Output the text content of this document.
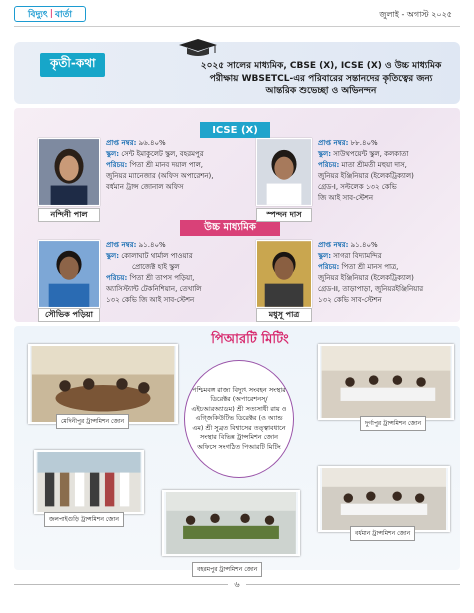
বিদ্যুৎ | বার্তা	জুলাই - অগাস্ট ২০২৫
কৃতী-কথা	২০২৫ সালের মাধ্যমিক, CBSE (X), ICSE (X) ও উচ্চ মাধ্যমিক
পরীক্ষায় WBSETCL-এর পরিবারের সন্তানদের কৃতিত্বের জন্য
আন্তরিক শুভেচ্ছা ও অভিনন্দন
ICSE (X)
উচ্চ মাধ্যমিক
নন্দিনী পাল
প্রাপ্ত নম্বর: ৯৬.৪০%
স্কুল: সেন্ট ইমাকুলেট স্কুল, বহরমপুর
পরিচয়: পিতা শ্রী মানব দয়াল পাল,
জুনিয়র ম্যানেজার (অফিস অপারেশন),
বর্ধমান ট্রান্স জোনাল অফিস
স্পন্দন দাস
প্রাপ্ত নম্বর: ৮৮.৪০%
স্কুল: সাউথপয়েন্ট স্কুল, কলকাতা
পরিচয়: মাতা শ্রীমতী মহুয়া দাস,
জুনিয়র ইঞ্জিনিয়ার (ইলেকট্রিক্যাল)
গ্রেড-I, সল্টলেক ১৩২ কেভি
জি আই সাব-স্টেশন
সৌভিক পড়িয়া
প্রাপ্ত নম্বর: ৯১.৪০%
স্কুল: কোলাঘাট থার্মাল পাওয়ার
প্রোজেক্ট হাই স্কুল
পরিচয়: পিতা শ্রী তাপস পড়িয়া,
অ্যাসিস্ট্যান্ট টেকনিশিয়ান, তেখালি
১৩২ কেভি জি আই সাব-স্টেশন
মধুসূ পাত্র
প্রাপ্ত নম্বর: ৯১.৪০%
স্কুল: সাগরা বিদ্যামন্দির
পরিচয়: পিতা শ্রী মানস পাত্র,
জুনিয়র ইঞ্জিনিয়ার (ইলেকট্রিক্যাল)
গ্রেড-II, তাড়াপাড়া, জুনিয়রইঞ্জিনিয়ার
১৩২ কেভি সাব-স্টেশন
পিআরটি মিটিং
পশ্চিমবঙ্গ রাজ্য বিদ্যুৎ সংবহন সংস্থার ডিরেক্টর (অপারেশনস্/ এইচআরঅ্যাডম) শ্রী সত্যসাধী রায় ও এগ্জিকিউটিভ ডিরেক্টর (ও অ্যান্ড এম) শ্রী সুব্রত বিশ্বাসের তত্ত্বাবধানে সংস্থার বিভিন্ন ট্রান্সমিশন জোন অফিসে সংগঠিত পিআরটি মিটিং
মেদিনীপুর ট্রান্সমিশন জোন	দুর্গাপুর ট্রান্সমিশন জোন
জলপাইগুড়ি ট্রান্সমিশন জোন
বর্ধমান ট্রান্সমিশন জোন
বহরমপুর ট্রান্সমিশন জোন
৬
